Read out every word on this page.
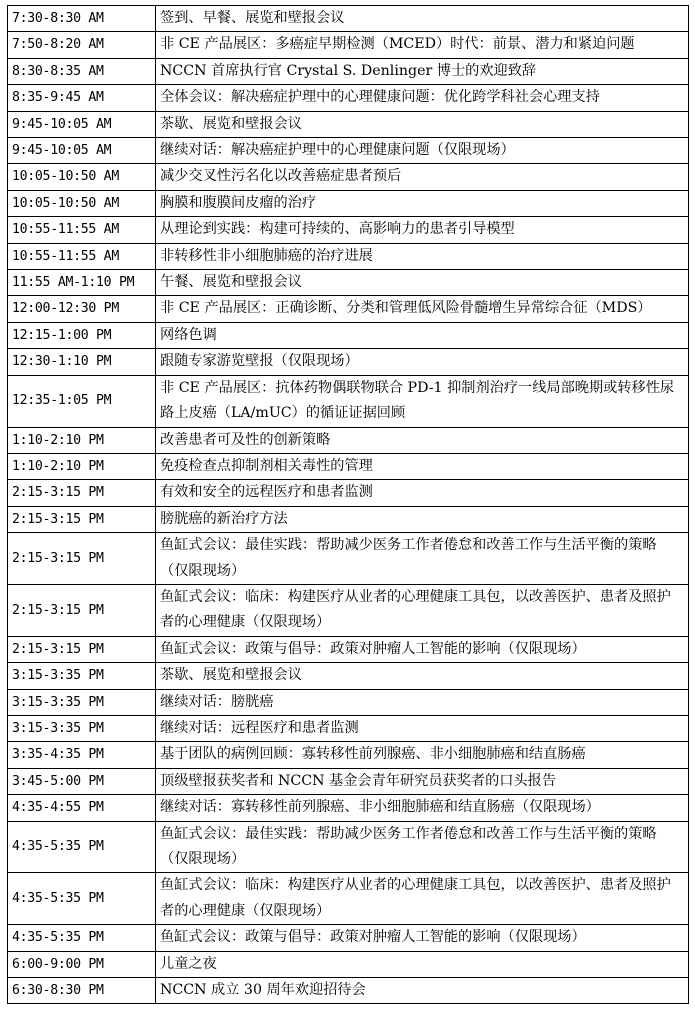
7:30-8:30 AM	签到、早餐、展览和壁报会议
7:50-8:20 AM	非 CE 产品展区：多癌症早期检测（MCED）时代：前景、潜力和紧迫问题
8:30-8:35 AM	NCCN 首席执行官 Crystal S. Denlinger 博士的欢迎致辞
8:35-9:45 AM	全体会议：解决癌症护理中的心理健康问题：优化跨学科社会心理支持
9:45-10:05 AM	茶歇、展览和壁报会议
9:45-10:05 AM	继续对话：解决癌症护理中的心理健康问题（仅限现场）
10:05-10:50 AM	减少交叉性污名化以改善癌症患者预后
10:05-10:50 AM	胸膜和腹膜间皮瘤的治疗
10:55-11:55 AM	从理论到实践：构建可持续的、高影响力的患者引导模型
10:55-11:55 AM	非转移性非小细胞肺癌的治疗进展
11:55 AM-1:10 PM	午餐、展览和壁报会议
12:00-12:30 PM	非 CE 产品展区：正确诊断、分类和管理低风险骨髓增生异常综合征（MDS）
12:15-1:00 PM	网络色调
12:30-1:10 PM	跟随专家游览壁报（仅限现场）
12:35-1:05 PM	非 CE 产品展区：抗体药物偶联物联合 PD-1 抑制剂治疗一线局部晚期或转移性尿路上皮癌（LA/mUC）的循证证据回顾
1:10-2:10 PM	改善患者可及性的创新策略
1:10-2:10 PM	免疫检查点抑制剂相关毒性的管理
2:15-3:15 PM	有效和安全的远程医疗和患者监测
2:15-3:15 PM	膀胱癌的新治疗方法
2:15-3:15 PM	鱼缸式会议：最佳实践：帮助减少医务工作者倦怠和改善工作与生活平衡的策略（仅限现场）
2:15-3:15 PM	鱼缸式会议：临床：构建医疗从业者的心理健康工具包，以改善医护、患者及照护者的心理健康（仅限现场）
2:15-3:15 PM	鱼缸式会议：政策与倡导：政策对肿瘤人工智能的影响（仅限现场）
3:15-3:35 PM	茶歇、展览和壁报会议
3:15-3:35 PM	继续对话：膀胱癌
3:15-3:35 PM	继续对话：远程医疗和患者监测
3:35-4:35 PM	基于团队的病例回顾：寡转移性前列腺癌、非小细胞肺癌和结直肠癌
3:45-5:00 PM	顶级壁报获奖者和 NCCN 基金会青年研究员获奖者的口头报告
4:35-4:55 PM	继续对话：寡转移性前列腺癌、非小细胞肺癌和结直肠癌（仅限现场）
4:35-5:35 PM	鱼缸式会议：最佳实践：帮助减少医务工作者倦怠和改善工作与生活平衡的策略（仅限现场）
4:35-5:35 PM	鱼缸式会议：临床：构建医疗从业者的心理健康工具包，以改善医护、患者及照护者的心理健康（仅限现场）
4:35-5:35 PM	鱼缸式会议：政策与倡导：政策对肿瘤人工智能的影响（仅限现场）
6:00-9:00 PM	儿童之夜
6:30-8:30 PM	NCCN 成立 30 周年欢迎招待会
